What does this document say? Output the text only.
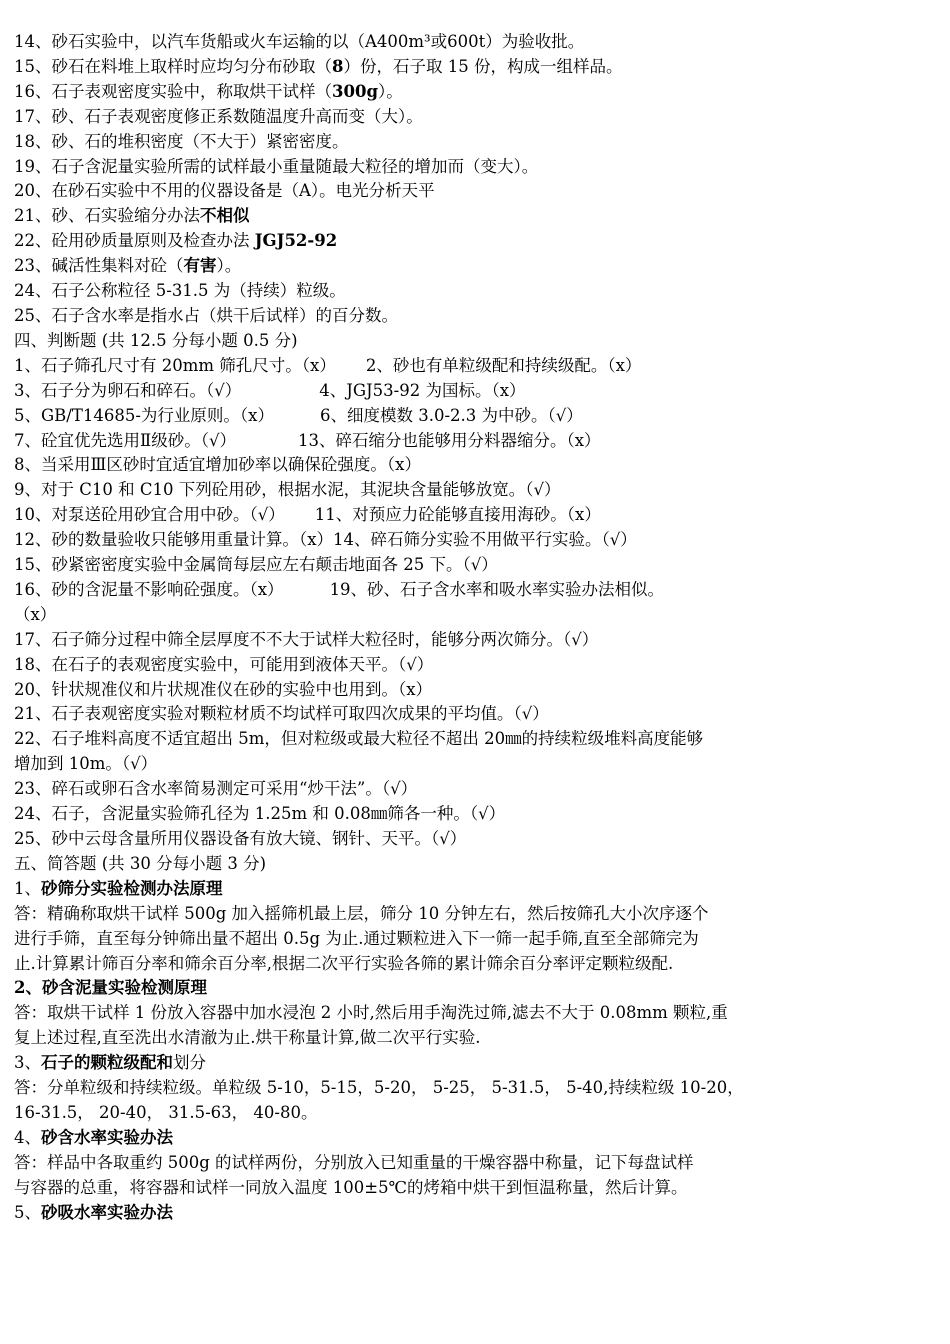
14、砂石实验中，以汽车货船或火车运输的以（A400m³或600t）为验收批。
15、砂石在料堆上取样时应均匀分布砂取（8）份，石子取 15 份，构成一组样品。
16、石子表观密度实验中，称取烘干试样（300g）。
17、砂、石子表观密度修正系数随温度升高而变（大）。
18、砂、石的堆积密度（不大于）紧密密度。
19、石子含泥量实验所需的试样最小重量随最大粒径的增加而（变大）。
20、在砂石实验中不用的仪器设备是（A）。电光分析天平
21、砂、石实验缩分办法不相似
22、砼用砂质量原则及检查办法 JGJ52-92
23、碱活性集料对砼（有害）。
24、石子公称粒径 5-31.5 为（持续）粒级。
25、石子含水率是指水占（烘干后试样）的百分数。
四、判断题 (共 12.5 分每小题 0.5 分)
1、石子筛孔尺寸有 20mm 筛孔尺寸。（ⅹ） 2、砂也有单粒级配和持续级配。（ⅹ）
3、石子分为卵石和碎石。（√）	4、JGJ53-92 为国标。（ⅹ）
5、GB/T14685-为行业原则。（ⅹ）	6、细度模数 3.0-2.3 为中砂。（√）
7、砼宜优先选用Ⅱ级砂。（√）	13、碎石缩分也能够用分料器缩分。（ⅹ）
8、当采用Ⅲ区砂时宜适宜增加砂率以确保砼强度。（ⅹ）
9、对于 C10 和 C10 下列砼用砂，根据水泥，其泥块含量能够放宽。（√）
10、对泵送砼用砂宜合用中砂。（√） 11、对预应力砼能够直接用海砂。（ⅹ）
12、砂的数量验收只能够用重量计算。（ⅹ）14、碎石筛分实验不用做平行实验。（√）
15、砂紧密密度实验中金属筒每层应左右颠击地面各 25 下。（√）
16、砂的含泥量不影响砼强度。（ⅹ）	19、砂、石子含水率和吸水率实验办法相似。
（ⅹ）
17、石子筛分过程中筛全层厚度不不大于试样大粒径时，能够分两次筛分。（√）
18、在石子的表观密度实验中，可能用到液体天平。（√）
20、针状规准仪和片状规准仪在砂的实验中也用到。（ⅹ）
21、石子表观密度实验对颗粒材质不均试样可取四次成果的平均值。（√）
22、石子堆料高度不适宜超出 5m，但对粒级或最大粒径不超出 20㎜的持续粒级堆料高度能够
增加到 10m。（√）
23、碎石或卵石含水率简易测定可采用“炒干法”。（√）
24、石子，含泥量实验筛孔径为 1.25m 和 0.08㎜筛各一种。（√）
25、砂中云母含量所用仪器设备有放大镜、钢针、天平。（√）
五、简答题 (共 30 分每小题 3 分)
1、砂筛分实验检测办法原理
答：精确称取烘干试样 500g 加入摇筛机最上层，筛分 10 分钟左右，然后按筛孔大小次序逐个
进行手筛，直至每分钟筛出量不超出 0.5g 为止.通过颗粒进入下一筛一起手筛,直至全部筛完为
止.计算累计筛百分率和筛余百分率,根据二次平行实验各筛的累计筛余百分率评定颗粒级配.
2、砂含泥量实验检测原理
答：取烘干试样 1 份放入容器中加水浸泡 2 小时,然后用手淘洗过筛,滤去不大于 0.08mm 颗粒,重
复上述过程,直至洗出水清澈为止.烘干称量计算,做二次平行实验.
3、石子的颗粒级配和划分
答：分单粒级和持续粒级。单粒级 5-10，5-15，5-20， 5-25， 5-31.5， 5-40,持续粒级 10-20，
16-31.5， 20-40， 31.5-63， 40-80。
4、砂含水率实验办法
答：样品中各取重约 500g 的试样两份，分别放入已知重量的干燥容器中称量，记下每盘试样
与容器的总重，将容器和试样一同放入温度 100±5℃的烤箱中烘干到恒温称量，然后计算。
5、砂吸水率实验办法
